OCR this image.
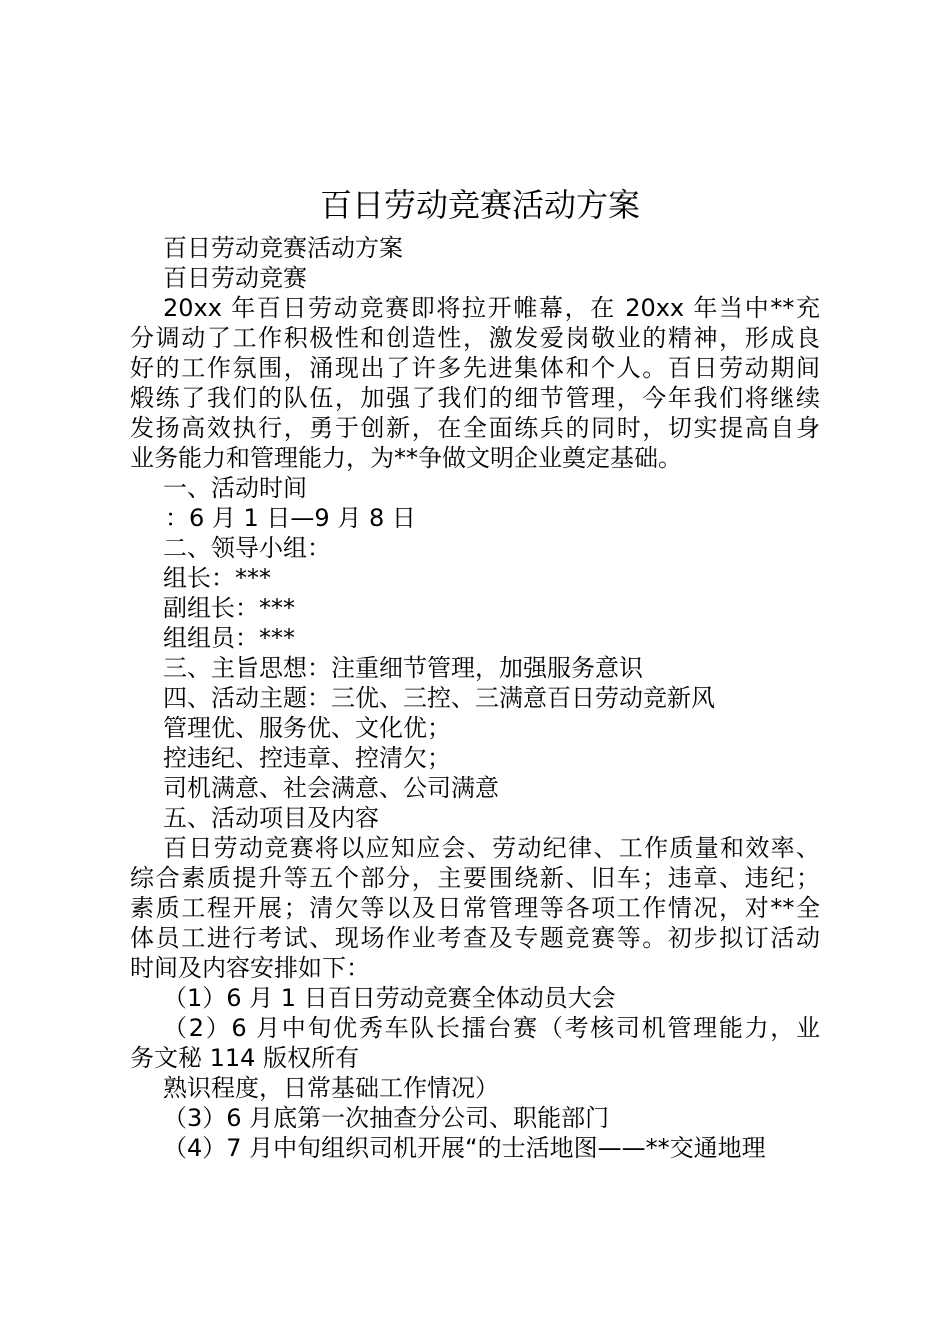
百日劳动竞赛活动方案
百日劳动竞赛活动方案
百日劳动竞赛
20xx 年百日劳动竞赛即将拉开帷幕，在 20xx 年当中**充
分调动了工作积极性和创造性，激发爱岗敬业的精神，形成良
好的工作氛围，涌现出了许多先进集体和个人。百日劳动期间
煅练了我们的队伍，加强了我们的细节管理，今年我们将继续
发扬高效执行，勇于创新，在全面练兵的同时，切实提高自身
业务能力和管理能力，为**争做文明企业奠定基础。
一、活动时间
：6 月 1 日—9 月 8 日
二、领导小组：
组长：***
副组长：***
组组员：***
三、主旨思想：注重细节管理，加强服务意识
四、活动主题：三优、三控、三满意百日劳动竞新风
管理优、服务优、文化优；
控违纪、控违章、控清欠；
司机满意、社会满意、公司满意
五、活动项目及内容
百日劳动竞赛将以应知应会、劳动纪律、工作质量和效率、
综合素质提升等五个部分，主要围绕新、旧车；违章、违纪；
素质工程开展；清欠等以及日常管理等各项工作情况，对**全
体员工进行考试、现场作业考查及专题竞赛等。初步拟订活动
时间及内容安排如下：
（1）6 月 1 日百日劳动竞赛全体动员大会
（2）6 月中旬优秀车队长擂台赛（考核司机管理能力，业
务文秘 114 版权所有
熟识程度，日常基础工作情况）
（3）6 月底第一次抽查分公司、职能部门
（4）7 月中旬组织司机开展“的士活地图——**交通地理
